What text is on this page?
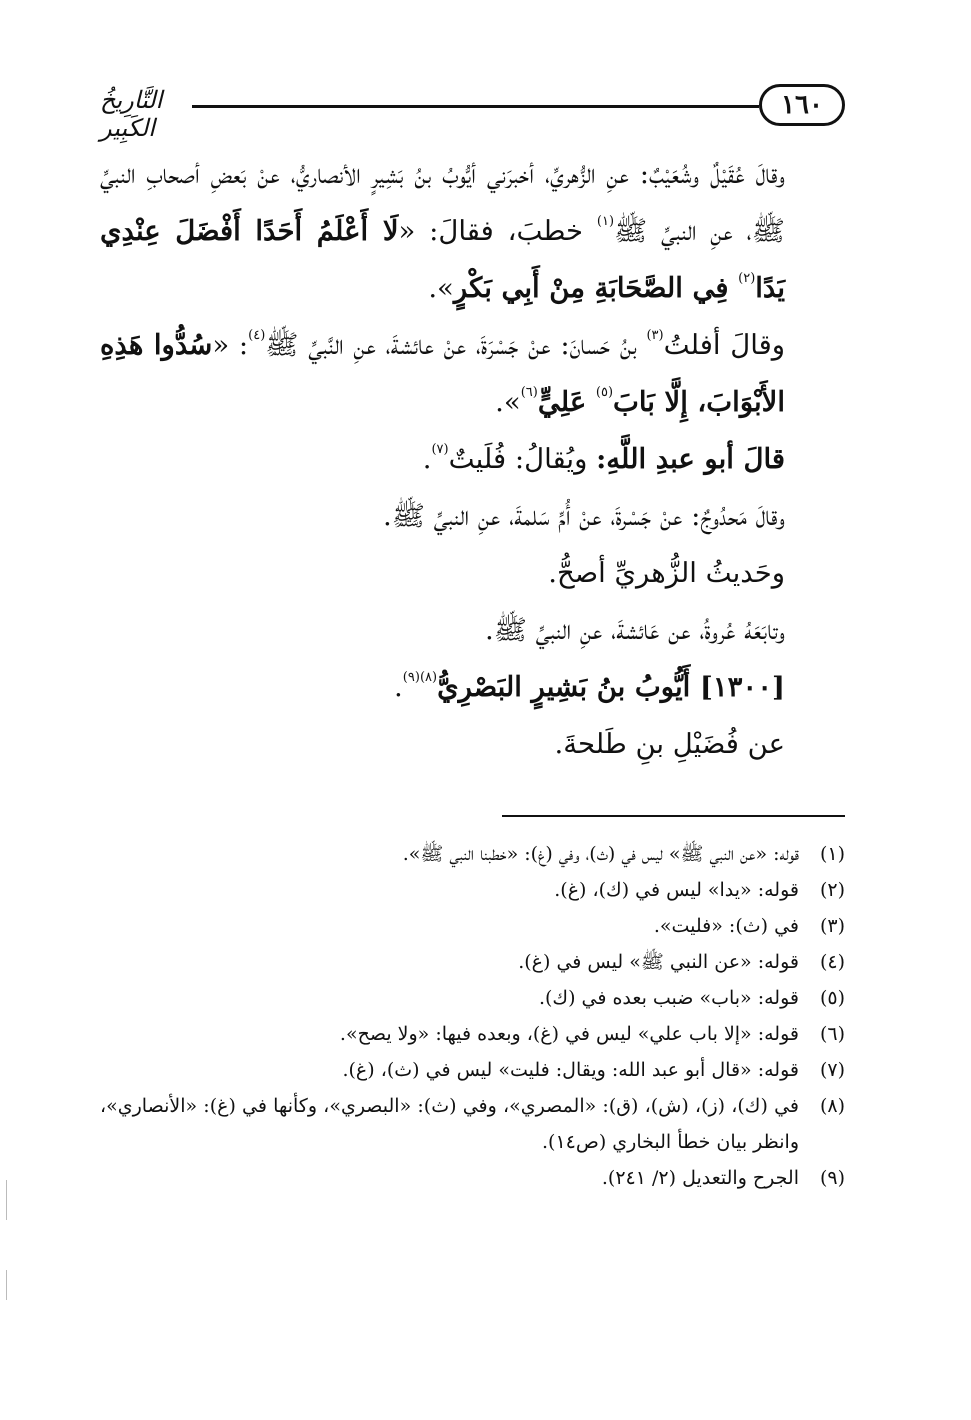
١٦٠
التَّارِيخُ الكَبِير

وقالَ عُقَيْلٌ وشُعَيْبٌ: عنِ الزُّهريِّ، أخبرَني أيُّوبُ بنُ بَشِيرٍ الأنصاريُّ، عنْ بَعضِ أصحابِ النبيِّ ﷺ، عنِ النبيِّ ﷺ$^{(١)}$ خطبَ، فقالَ: «لَا أَعْلَمُ أَحَدًا أَفْضَلَ عِنْدِي يَدًا$^{(٢)}$ فِي الصَّحَابَةِ مِنْ أَبِي بَكْرٍ».

وقالَ أفلتُ$^{(٣)}$ بنُ حَسانَ: عنْ جَسْرَةَ، عنْ عائشةَ، عنِ النَّبيِّ ﷺ$^{(٤)}$: «سُدُّوا هَذِهِ الأَبْوَابَ، إِلَّا بَابَ$^{(٥)}$ عَلِيٍّ$^{(٦)}$».

قالَ أبو عبدِ اللَّهِ: ويُقالُ: فُلَيتٌ$^{(٧)}$.

وقالَ مَحدُوجٌ: عنْ جَسْرةَ، عنْ أُمِّ سَلمةَ، عنِ النبيِّ ﷺ.

وحَديثُ الزُّهريِّ أصحُّ.

وتابَعَهُ عُروةُ، عن عَائشةَ، عنِ النبيِّ ﷺ.

[١٣٠٠] أَيُّوبُ بنُ بَشِيرٍ البَصْرِيُّ$^{(٨)(٩)}$.

عن فُضَيْلِ بنِ طَلحةَ.

(١)
قوله: «عن النبي ﷺ» ليس في (ث)، وفي (غ): «خطبنا النبي ﷺ».
(٢)
قوله: «يدا» ليس في (ك)، (غ).
(٣)
في (ث): «فليت».
(٤)
قوله: «عن النبي ﷺ» ليس في (غ).
(٥)
قوله: «باب» ضبب بعده في (ك).
(٦)
قوله: «إلا باب علي» ليس في (غ)، وبعده فيها: «ولا يصح».
(٧)
قوله: «قال أبو عبد الله: ويقال: فليت» ليس في (ث)، (غ).
(٨)
في (ك)، (ز)، (ش)، (ق): «المصري»، وفي (ث): «البصري»، وكأنها في (غ): «الأنصاري»، وانظر بيان خطأ البخاري (ص١٤).
(٩)
الجرح والتعديل (٢/ ٢٤١).
